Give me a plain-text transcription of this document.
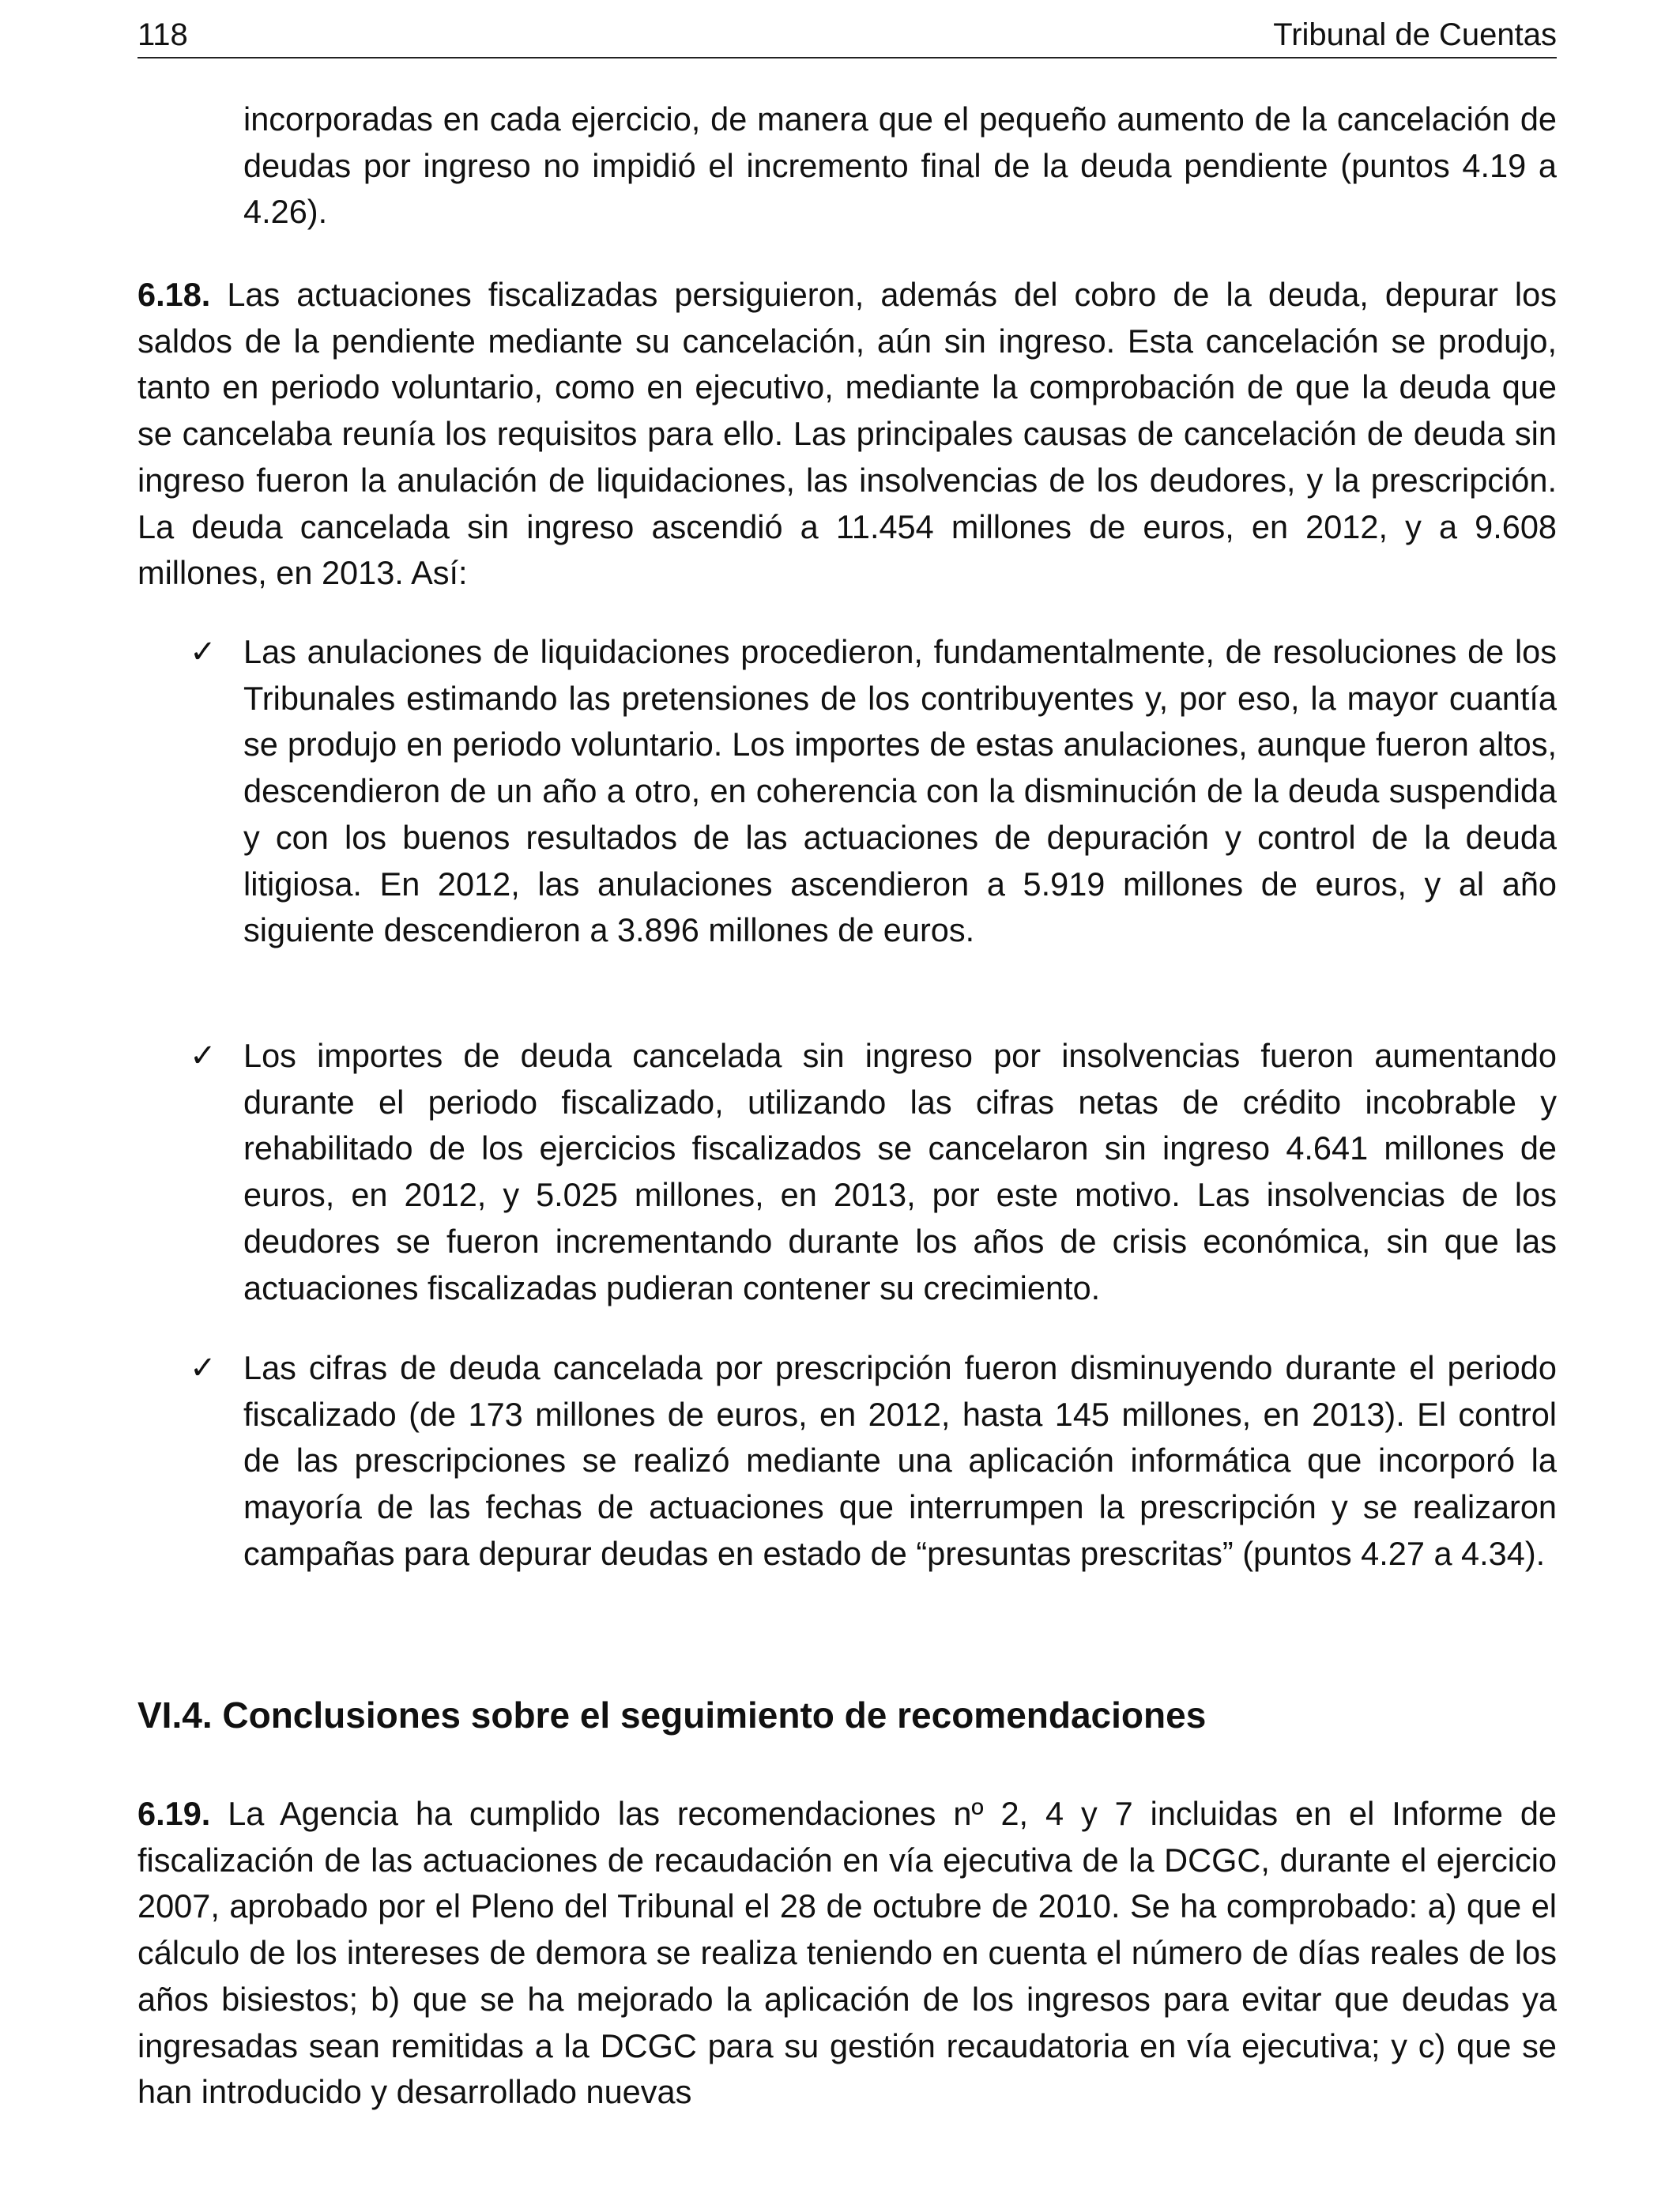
118	Tribunal de Cuentas

incorporadas en cada ejercicio, de manera que el pequeño aumento de la cancelación de deudas por ingreso no impidió el incremento final de la deuda pendiente (puntos 4.19 a 4.26).

6.18. Las actuaciones fiscalizadas persiguieron, además del cobro de la deuda, depurar los saldos de la pendiente mediante su cancelación, aún sin ingreso. Esta cancelación se produjo, tanto en periodo voluntario, como en ejecutivo, mediante la comprobación de que la deuda que se cancelaba reunía los requisitos para ello. Las principales causas de cancelación de deuda sin ingreso fueron la anulación de liquidaciones, las insolvencias de los deudores, y la prescripción. La deuda cancelada sin ingreso ascendió a 11.454 millones de euros, en 2012, y a 9.608 millones, en 2013. Así:

✓ Las anulaciones de liquidaciones procedieron, fundamentalmente, de resoluciones de los Tribunales estimando las pretensiones de los contribuyentes y, por eso, la mayor cuantía se produjo en periodo voluntario. Los importes de estas anulaciones, aunque fueron altos, descendieron de un año a otro, en coherencia con la disminución de la deuda suspendida y con los buenos resultados de las actuaciones de depuración y control de la deuda litigiosa. En 2012, las anulaciones ascendieron a 5.919 millones de euros, y al año siguiente descendieron a 3.896 millones de euros.

✓ Los importes de deuda cancelada sin ingreso por insolvencias fueron aumentando durante el periodo fiscalizado, utilizando las cifras netas de crédito incobrable y rehabilitado de los ejercicios fiscalizados se cancelaron sin ingreso 4.641 millones de euros, en 2012, y 5.025 millones, en 2013, por este motivo. Las insolvencias de los deudores se fueron incrementando durante los años de crisis económica, sin que las actuaciones fiscalizadas pudieran contener su crecimiento.

✓ Las cifras de deuda cancelada por prescripción fueron disminuyendo durante el periodo fiscalizado (de 173 millones de euros, en 2012, hasta 145 millones, en 2013). El control de las prescripciones se realizó mediante una aplicación informática que incorporó la mayoría de las fechas de actuaciones que interrumpen la prescripción y se realizaron campañas para depurar deudas en estado de “presuntas prescritas” (puntos 4.27 a 4.34).

VI.4. Conclusiones sobre el seguimiento de recomendaciones

6.19. La Agencia ha cumplido las recomendaciones nº 2, 4 y 7 incluidas en el Informe de fiscalización de las actuaciones de recaudación en vía ejecutiva de la DCGC, durante el ejercicio 2007, aprobado por el Pleno del Tribunal el 28 de octubre de 2010. Se ha comprobado: a) que el cálculo de los intereses de demora se realiza teniendo en cuenta el número de días reales de los años bisiestos; b) que se ha mejorado la aplicación de los ingresos para evitar que deudas ya ingresadas sean remitidas a la DCGC para su gestión recaudatoria en vía ejecutiva; y c) que se han introducido y desarrollado nuevas
